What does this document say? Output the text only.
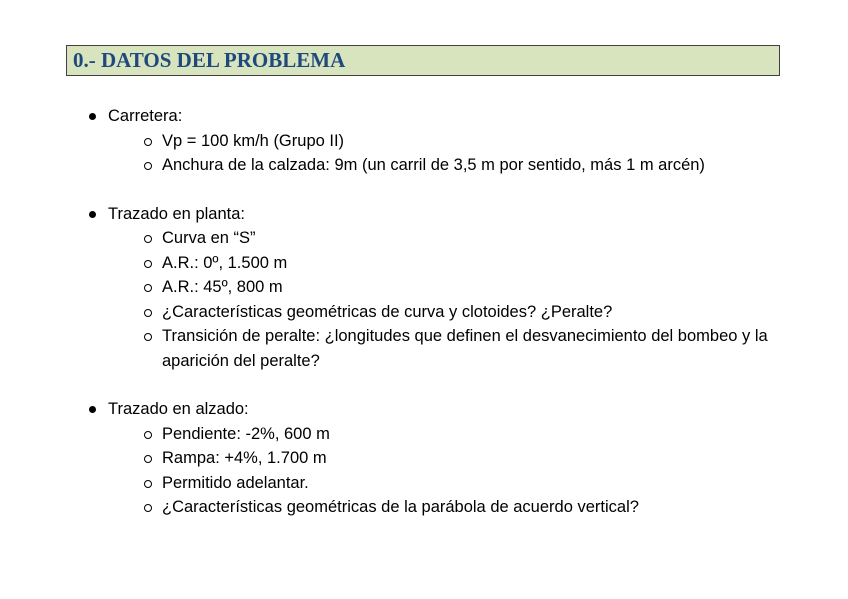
0.- DATOS DEL PROBLEMA
Carretera:
Vp = 100 km/h (Grupo II)
Anchura de la calzada: 9m (un carril de 3,5 m por sentido, más 1 m arcén)
Trazado en planta:
Curva en “S”
A.R.: 0º, 1.500 m
A.R.: 45º, 800 m
¿Características geométricas de curva y clotoides? ¿Peralte?
Transición de peralte: ¿longitudes que definen el desvanecimiento del bombeo y la aparición del peralte?
Trazado en alzado:
Pendiente: -2%, 600 m
Rampa: +4%, 1.700 m
Permitido adelantar.
¿Características geométricas de la parábola de acuerdo vertical?
